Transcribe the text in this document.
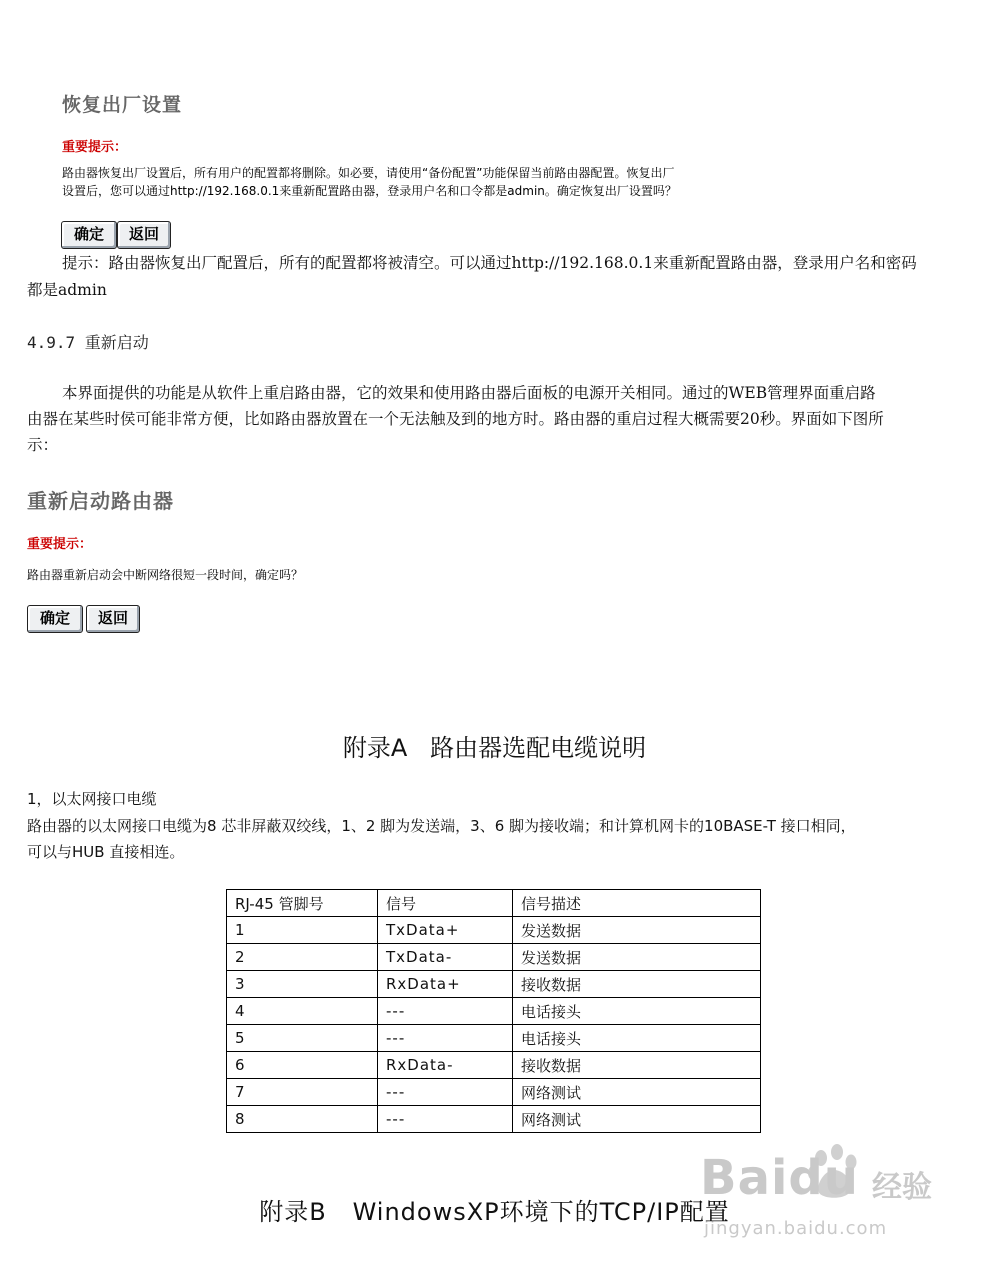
恢复出厂设置
重要提示：
路由器恢复出厂设置后，所有用户的配置都将删除。如必要，请使用“备份配置”功能保留当前路由器配置。恢复出厂
设置后，您可以通过http://192.168.0.1来重新配置路由器，登录用户名和口令都是admin。确定恢复出厂设置吗？
确定	返回
提示：路由器恢复出厂配置后，所有的配置都将被清空。可以通过http://192.168.0.1来重新配置路由器，登录用户名和密码
都是admin
4.9.7 重新启动
本界面提供的功能是从软件上重启路由器，它的效果和使用路由器后面板的电源开关相同。通过的WEB管理界面重启路
由器在某些时侯可能非常方便，比如路由器放置在一个无法触及到的地方时。路由器的重启过程大概需要20秒。界面如下图所
示：
重新启动路由器
重要提示：
路由器重新启动会中断网络很短一段时间，确定吗？
确定	返回
附录A   路由器选配电缆说明
1，以太网接口电缆
路由器的以太网接口电缆为8 芯非屏蔽双绞线，1、2 脚为发送端，3、6 脚为接收端；和计算机网卡的10BASE-T 接口相同，
可以与HUB 直接相连。
RJ-45 管脚号	信号	信号描述
1	TxData+	发送数据
2	TxData-	发送数据
3	RxData+	接收数据
4	---	电话接头
5	---	电话接头
6	RxData-	接收数据
7	---	网络测试
8	---	网络测试
Baidu 经验
jingyan.baidu.com
附录B   WindowsXP环境下的TCP/IP配置
